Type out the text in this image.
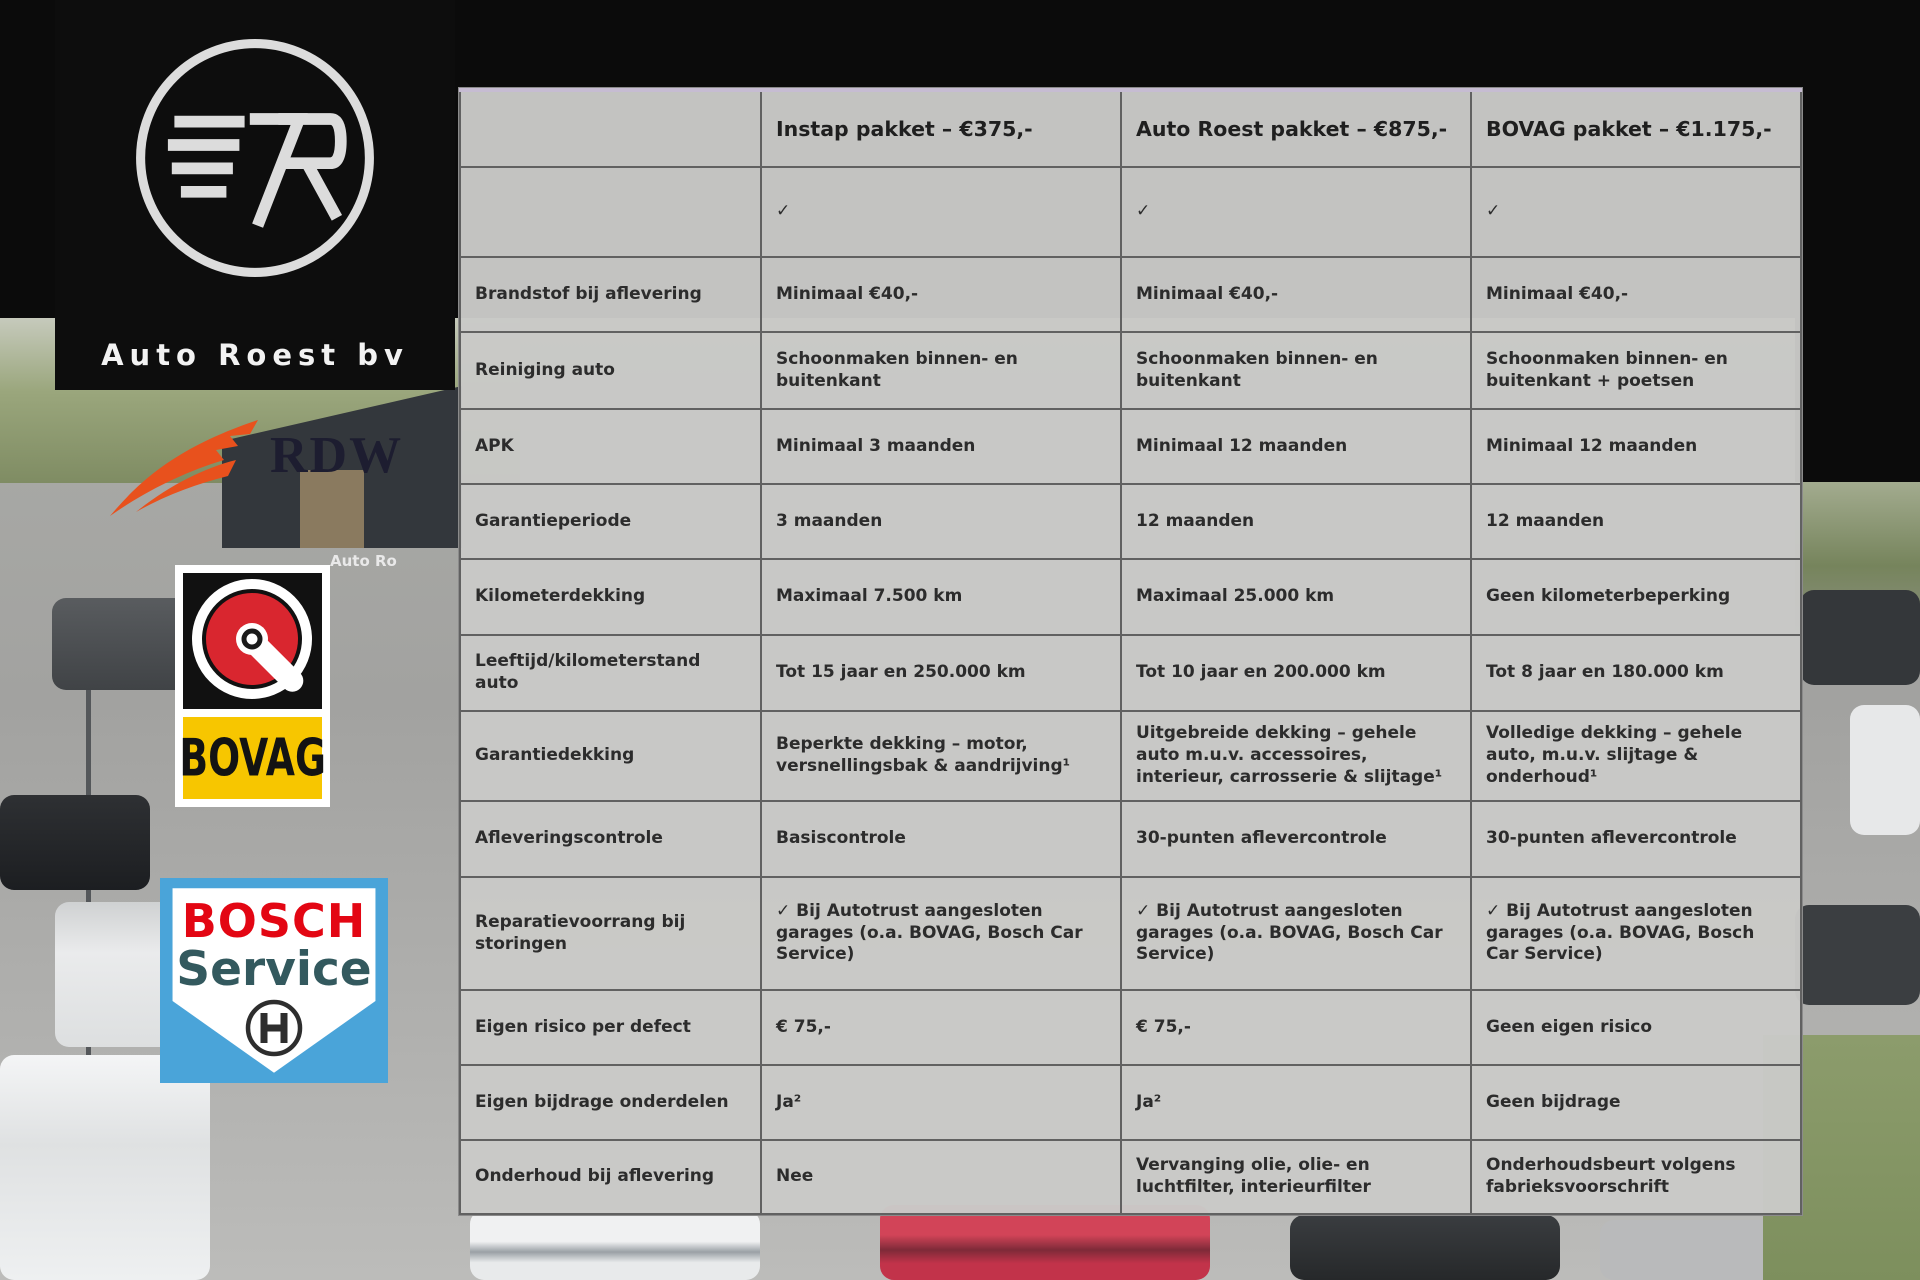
Auto Ro
Auto Roest bv
RDW
BOVAG
BOSCH
Service
	Instap pakket – €375,-	Auto Roest pakket – €875,-	BOVAG pakket – €1.175,-
	✓	✓	✓
Brandstof bij aflevering	Minimaal €40,-	Minimaal €40,-	Minimaal €40,-
Reiniging auto	Schoonmaken binnen- en buitenkant	Schoonmaken binnen- en buitenkant	Schoonmaken binnen- en buitenkant + poetsen
APK	Minimaal 3 maanden	Minimaal 12 maanden	Minimaal 12 maanden
Garantieperiode	3 maanden	12 maanden	12 maanden
Kilometerdekking	Maximaal 7.500 km	Maximaal 25.000 km	Geen kilometerbeperking
Leeftijd/kilometerstand auto	Tot 15 jaar en 250.000 km	Tot 10 jaar en 200.000 km	Tot 8 jaar en 180.000 km
Garantiedekking	Beperkte dekking – motor, versnellingsbak & aandrijving¹	Uitgebreide dekking – gehele auto m.u.v. accessoires, interieur, carrosserie & slijtage¹	Volledige dekking – gehele auto, m.u.v. slijtage & onderhoud¹
Afleveringscontrole	Basiscontrole	30-punten aflevercontrole	30-punten aflevercontrole
Reparatievoorrang bij storingen	✓ Bij Autotrust aangesloten garages (o.a. BOVAG, Bosch Car Service)	✓ Bij Autotrust aangesloten garages (o.a. BOVAG, Bosch Car Service)	✓ Bij Autotrust aangesloten garages (o.a. BOVAG, Bosch Car Service)
Eigen risico per defect	€ 75,-	€ 75,-	Geen eigen risico
Eigen bijdrage onderdelen	Ja²	Ja²	Geen bijdrage
Onderhoud bij aflevering	Nee	Vervanging olie, olie- en luchtfilter, interieurfilter	Onderhoudsbeurt volgens fabrieksvoorschrift
